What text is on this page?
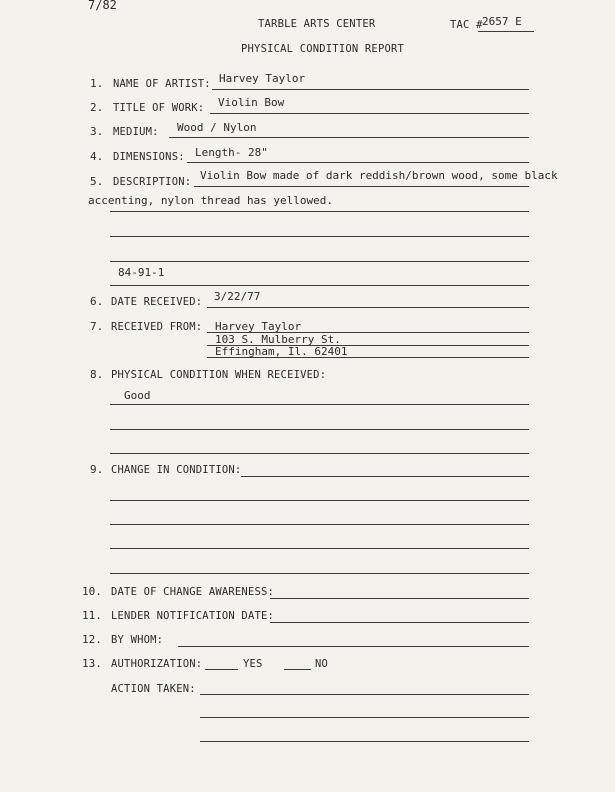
7/82
TARBLE ARTS CENTER	TAC # 2657 E
PHYSICAL CONDITION REPORT
1. NAME OF ARTIST: Harvey Taylor
2. TITLE OF WORK: Violin Bow
3. MEDIUM: Wood / Nylon
4. DIMENSIONS: Length- 28"
5. DESCRIPTION: Violin Bow made of dark reddish/brown wood, some black
accenting, nylon thread has yellowed.
84-91-1
6. DATE RECEIVED: 3/22/77
7. RECEIVED FROM: Harvey Taylor
103 S. Mulberry St.
Effingham, Il. 62401
8. PHYSICAL CONDITION WHEN RECEIVED:
Good
9. CHANGE IN CONDITION:
10. DATE OF CHANGE AWARENESS:
11. LENDER NOTIFICATION DATE:
12. BY WHOM:
13. AUTHORIZATION:	YES	NO
ACTION TAKEN:
